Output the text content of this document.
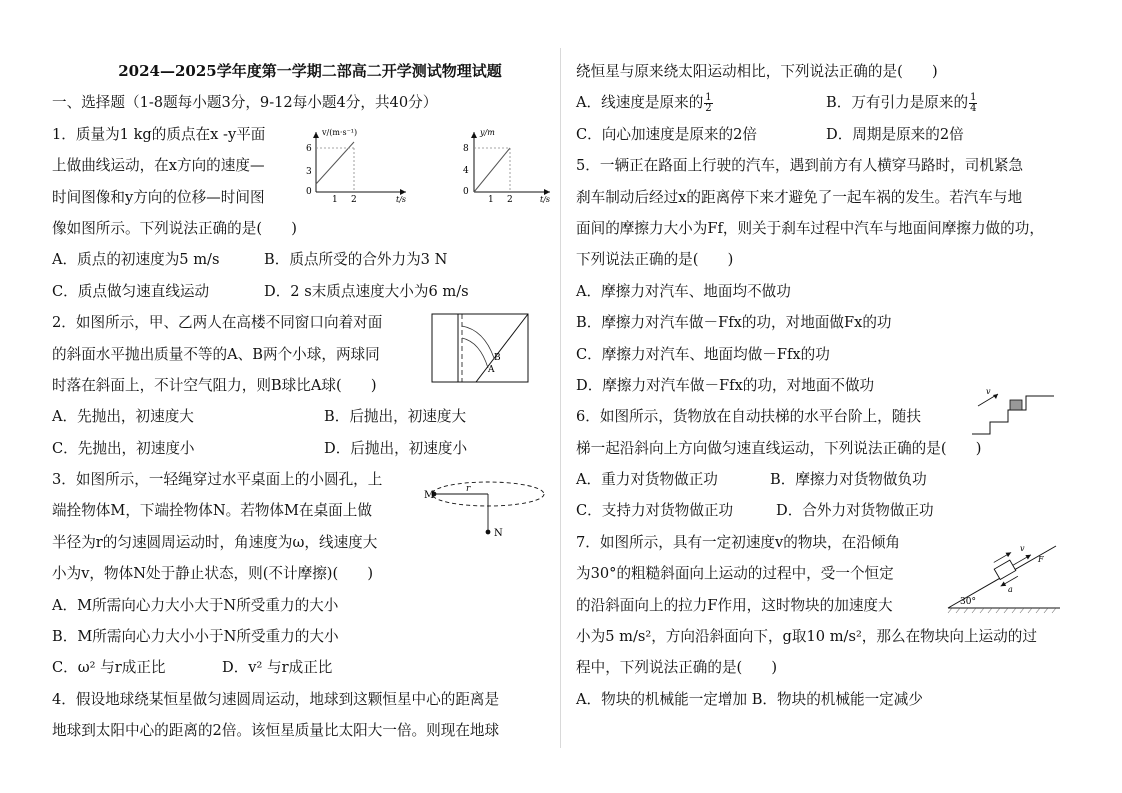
2024—2025学年度第一学期二部高二开学测试物理试题
一、选择题（1-8题每小题3分，9-12每小题4分，共40分）
1．质量为1 kg的质点在x -y平面
上做曲线运动，在x方向的速度—
时间图像和y方向的位移—时间图
像如图所示。下列说法正确的是(　　)
A．质点的初速度为5 m/s	B．质点所受的合外力为3 N
C．质点做匀速直线运动	D．2 s末质点速度大小为6 m/s
2．如图所示，甲、乙两人在高楼不同窗口向着对面
的斜面水平抛出质量不等的A、B两个小球，两球同
时落在斜面上，不计空气阻力，则B球比A球(　　)
A．先抛出，初速度大	B．后抛出，初速度大
C．先抛出，初速度小	D．后抛出，初速度小
3．如图所示，一轻绳穿过水平桌面上的小圆孔，上
端拴物体M，下端拴物体N。若物体M在桌面上做
半径为r的匀速圆周运动时，角速度为ω，线速度大
小为v，物体N处于静止状态，则(不计摩擦)(　　)
A．M所需向心力大小大于N所受重力的大小
B．M所需向心力大小小于N所受重力的大小
C．ω² 与r成正比	D．v² 与r成正比
4．假设地球绕某恒星做匀速圆周运动，地球到这颗恒星中心的距离是
地球到太阳中心的距离的2倍。该恒星质量比太阳大一倍。则现在地球
v/(m·s⁻¹)
6
3
0
1 2	t/s
y/m
8
4
0
1 2	t/s
B
A
M
N
r
绕恒星与原来绕太阳运动相比，下列说法正确的是(　　)
A．线速度是原来的 $\frac{1}{2}$	B．万有引力是原来的 $\frac{1}{4}$
C．向心加速度是原来的2倍	D．周期是原来的2倍
5．一辆正在路面上行驶的汽车，遇到前方有人横穿马路时，司机紧急
刹车制动后经过x的距离停下来才避免了一起车祸的发生。若汽车与地
面间的摩擦力大小为Ff，则关于刹车过程中汽车与地面间摩擦力做的功，
下列说法正确的是(　　)
A．摩擦力对汽车、地面均不做功
B．摩擦力对汽车做－Ffx的功，对地面做Fx的功
C．摩擦力对汽车、地面均做－Ffx的功
D．摩擦力对汽车做－Ffx的功，对地面不做功
6．如图所示，货物放在自动扶梯的水平台阶上，随扶
梯一起沿斜向上方向做匀速直线运动，下列说法正确的是(　　)
A．重力对货物做正功	B．摩擦力对货物做负功
C．支持力对货物做正功	D．合外力对货物做正功
7．如图所示，具有一定初速度v的物块，在沿倾角
为30°的粗糙斜面向上运动的过程中，受一个恒定
的沿斜面向上的拉力F作用，这时物块的加速度大
小为5 m/s²，方向沿斜面向下，g取10 m/s²，那么在物块向上运动的过
程中，下列说法正确的是(　　)
A．物块的机械能一定增加 B．物块的机械能一定减少
v
F
v
a
30°
